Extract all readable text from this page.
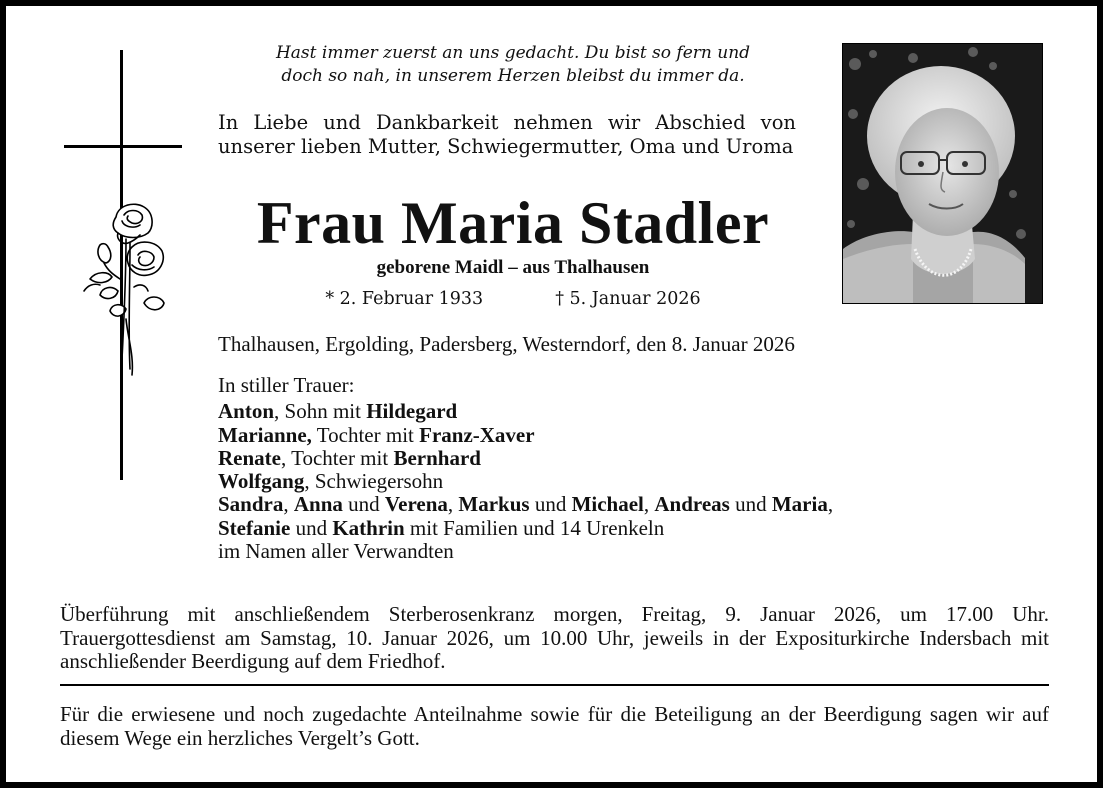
Hast immer zuerst an uns gedacht. Du bist so fern und
doch so nah, in unserem Herzen bleibst du immer da.
In Liebe und Dankbarkeit nehmen wir Abschied von unserer lieben Mutter, Schwiegermutter, Oma und Uroma
Frau Maria Stadler
geborene Maidl – aus Thalhausen
* 2. Februar 1933	† 5. Januar 2026
Thalhausen, Ergolding, Padersberg, Westerndorf, den 8. Januar 2026
In stiller Trauer:
Anton, Sohn mit Hildegard
Marianne, Tochter mit Franz-Xaver
Renate, Tochter mit Bernhard
Wolfgang, Schwiegersohn
Sandra, Anna und Verena, Markus und Michael, Andreas und Maria,
Stefanie und Kathrin mit Familien und 14 Urenkeln
im Namen aller Verwandten
Überführung mit anschließendem Sterberosenkranz morgen, Freitag, 9. Januar 2026, um 17.00 Uhr. Trauergottesdienst am Samstag, 10. Januar 2026, um 10.00 Uhr, jeweils in der Expositurkirche Indersbach mit anschließender Beerdigung auf dem Friedhof.
Für die erwiesene und noch zugedachte Anteilnahme sowie für die Beteiligung an der Beerdigung sagen wir auf diesem Wege ein herzliches Vergelt’s Gott.
